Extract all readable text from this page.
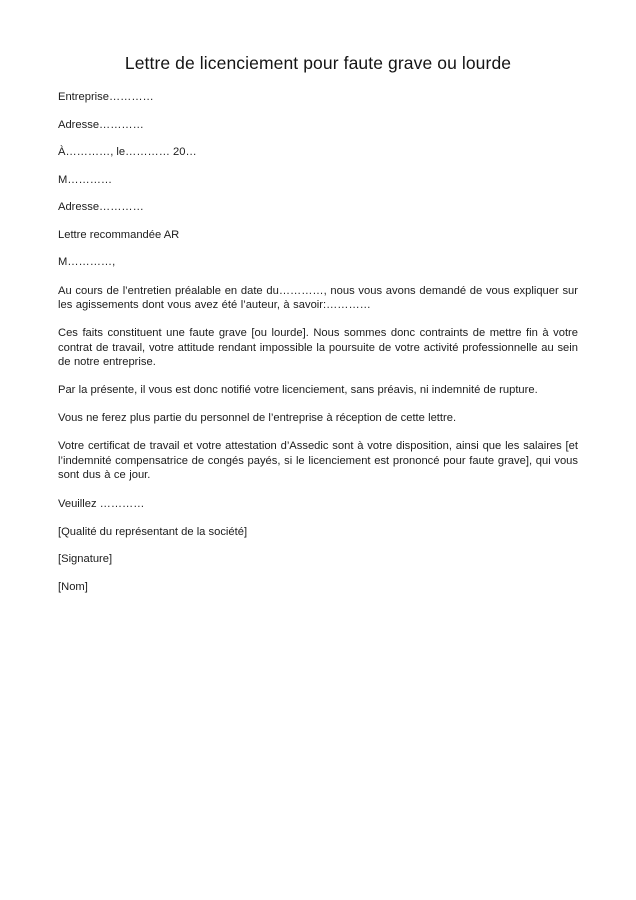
Lettre de licenciement pour faute grave ou lourde

Entreprise…………

Adresse…………

À…………, le………… 20…

M…………

Adresse…………

Lettre recommandée AR

M…………,

Au cours de l’entretien préalable en date du…………, nous vous avons demandé de vous expliquer sur les agissements dont vous avez été l’auteur, à savoir:…………

Ces faits constituent une faute grave [ou lourde]. Nous sommes donc contraints de mettre fin à votre contrat de travail, votre attitude rendant impossible la poursuite de votre activité professionnelle au sein de notre entreprise.

Par la présente, il vous est donc notifié votre licenciement, sans préavis, ni indemnité de rupture.

Vous ne ferez plus partie du personnel de l’entreprise à réception de cette lettre.

Votre certificat de travail et votre attestation d’Assedic sont à votre disposition, ainsi que les salaires [et l’indemnité compensatrice de congés payés, si le licenciement est prononcé pour faute grave], qui vous sont dus à ce jour.

Veuillez …………

[Qualité du représentant de la société]

[Signature]

[Nom]
